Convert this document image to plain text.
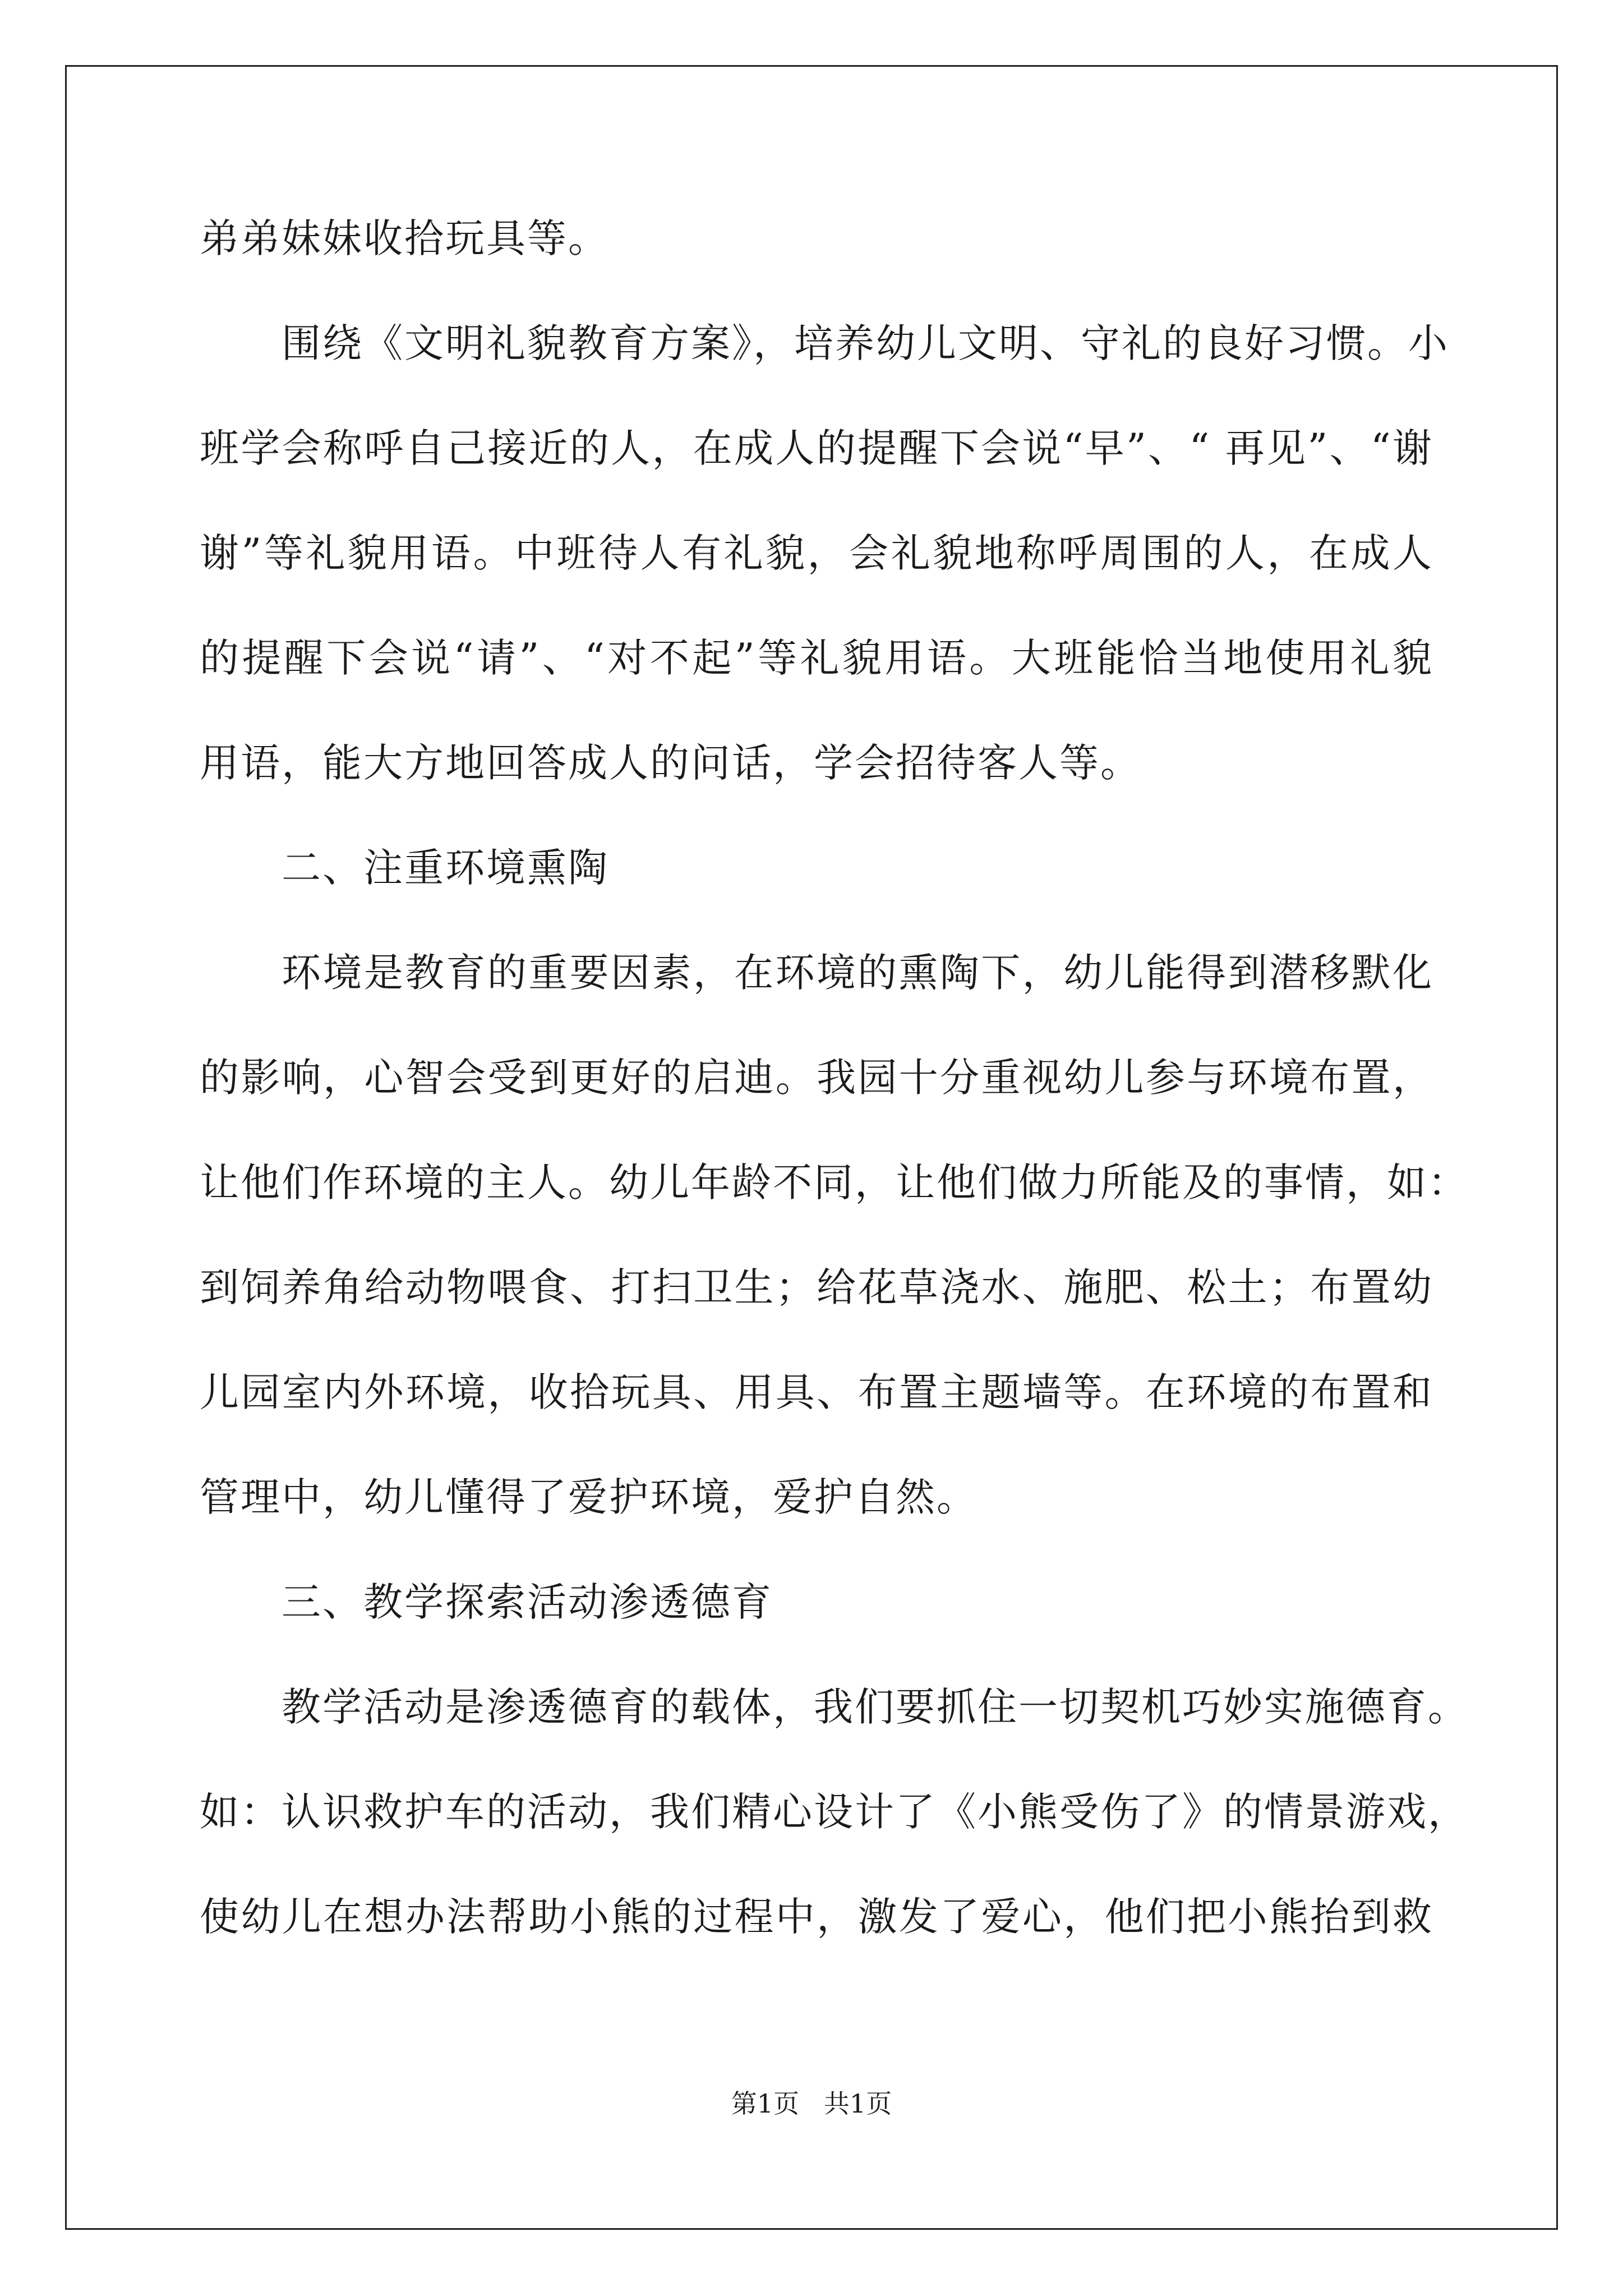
弟弟妹妹收拾玩具等。
围绕《文明礼貌教育方案》，培养幼儿文明、守礼的良好习惯。小
班学会称呼自己接近的人，在成人的提醒下会说“早”、“ 再见”、“谢
谢”等礼貌用语。中班待人有礼貌，会礼貌地称呼周围的人，在成人
的提醒下会说“请”、“对不起”等礼貌用语。大班能恰当地使用礼貌
用语，能大方地回答成人的问话，学会招待客人等。
二、注重环境熏陶
环境是教育的重要因素，在环境的熏陶下，幼儿能得到潜移默化
的影响，心智会受到更好的启迪。我园十分重视幼儿参与环境布置，
让他们作环境的主人。幼儿年龄不同，让他们做力所能及的事情，如：
到饲养角给动物喂食、打扫卫生；给花草浇水、施肥、松土；布置幼
儿园室内外环境，收拾玩具、用具、布置主题墙等。在环境的布置和
管理中，幼儿懂得了爱护环境，爱护自然。
三、教学探索活动渗透德育
教学活动是渗透德育的载体，我们要抓住一切契机巧妙实施德育。
如：认识救护车的活动，我们精心设计了《小熊受伤了》的情景游戏，
使幼儿在想办法帮助小熊的过程中，激发了爱心，他们把小熊抬到救
第1页   共1页
